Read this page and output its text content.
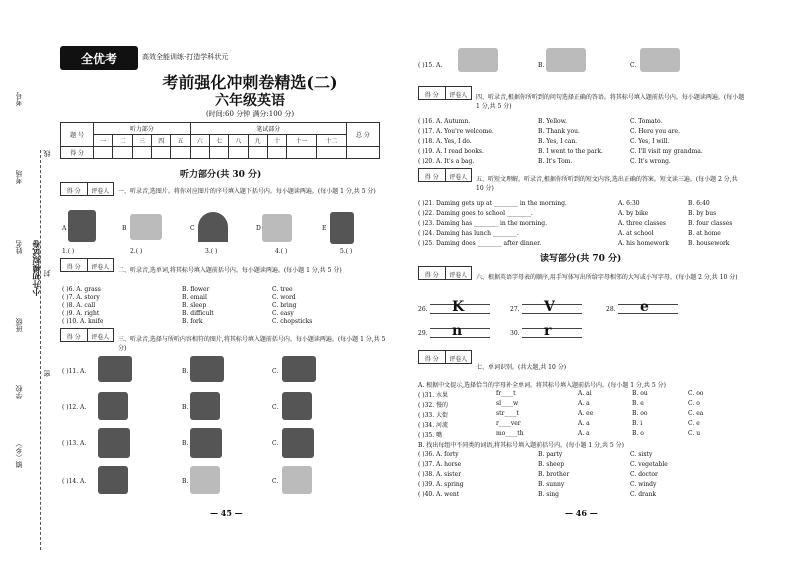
考号
考场
姓名
班级
学校
镇（乡）
小升初模拟试卷
线
封
密
全优考	高效全能训练·打造学科状元
考前强化冲刺卷精选(二)
六年级英语
(时间:60 分钟 满分:100 分)
题 号	听力部分					笔试部分							总 分
	一	二	三	四	五	六	七	八	九	十	十一	十二	
得 分													
听力部分(共 30 分)
得 分	评卷人	一、听录音,选图片。将你对应图片的序号填入题下括号内。每小题读两遍。(每小题 1 分,共 5 分)
A	B	C	D	E
1.( )	2.( )	3.( )	4.( )	5.( )
得 分	评卷人	二、听录音,选单词,将其标号填入题前括号内。每小题读两遍。(每小题 1 分,共 5 分)
( )6. A. grass	B. flower	C. tree
( )7. A. story	B. email	C. word
( )8. A. call	B. sleep	C. bring
( )9. A. right	B. difficult	C. easy
( )10. A. knife	B. fork	C. chopsticks
得 分	评卷人	三、听录音,选择与所听内容相符的图片,将其标号填入题前括号内。每小题读两遍。(每小题 1 分,共 5 分)
( )11. A.	B.	C.
( )12. A.	B.	C.
( )13. A.	B.	C.
( )14. A.	B.	C.
— 45 —
( )15. A.	B.	C.
得 分	评卷人	四、听录音,根据你所听到的问句选择正确的答语。将其标号填入题前括号内。每小题读两遍。(每小题 1 分,共 5 分)
( )16. A. Autumn.	B. Yellow.	C. Tomato.
( )17. A. You're welcome.	B. Thank you.	C. Here you are.
( )18. A. Yes, I do.	B. Yes, I can.	C. Yes, I will.
( )19. A. I read books.	B. I went to the park.	C. I'll visit my grandma.
( )20. A. It's a bag.	B. It's Tom.	C. It's wrong.
得 分	评卷人	五、听短文理解。听录音,根据你所听到的短文内容,选出正确的答案。短文读三遍。(每小题 2 分,共 10 分)
( )21. Daming gets up at ________ in the morning.	A. 6:30	B. 6:40
( )22. Daming goes to school ________.	A. by bike	B. by bus
( )23. Daming has ________ in the morning.	A. three classes	B. four classes
( )24. Daming has lunch ________.	A. at school	B. at home
( )25. Daming does ________ after dinner.	A. his homework	B. housework
读写部分(共 70 分)
得 分	评卷人	六、根据英语字母表的顺序,用手写体写出所给字母相邻的大写或小写字母。(每小题 2 分,共 10 分)
26. K	27. V	28. e
29. n	30. r
得 分	评卷人
七、单词识别。(共大题,共 10 分)
A. 根据中文提示,选择恰当的字母补全单词。将其标号填入题前括号内。(每小题 1 分,共 5 分)
( )31. 水果	fr____t	A. ai	B. ou	C. oo
( )32. 慢的	sl____w	A. a	B. e	C. o
( )33. 大街	str____t	A. ee	B. oo	C. ea
( )34. 河流	r____ver	A. a	B. i	C. e
( )35. 嘴	mo____th	A. a	B. o	C. u
B. 找出每组中不同类的词语,将其标号填入题前括号内。(每小题 1 分,共 5 分)
( )36. A. forty	B. party	C. sixty
( )37. A. horse	B. sheep	C. vegetable
( )38. A. sister	B. brother	C. doctor
( )39. A. spring	B. sunny	C. windy
( )40. A. went	B. sing	C. drank
— 46 —
